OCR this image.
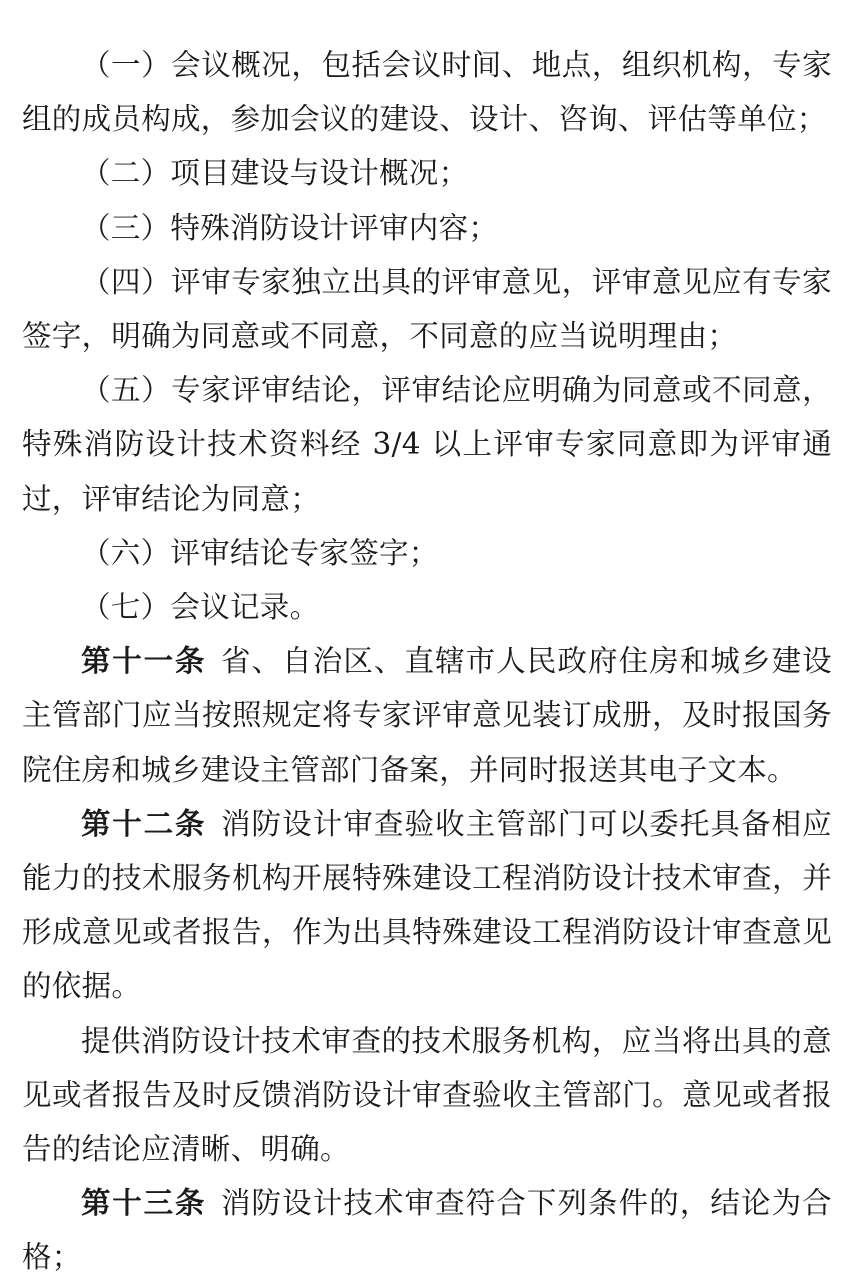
（一）会议概况，包括会议时间、地点，组织机构，专家组的成员构成，参加会议的建设、设计、咨询、评估等单位；

（二）项目建设与设计概况；

（三）特殊消防设计评审内容；

（四）评审专家独立出具的评审意见，评审意见应有专家签字，明确为同意或不同意，不同意的应当说明理由；

（五）专家评审结论，评审结论应明确为同意或不同意，特殊消防设计技术资料经 3/4 以上评审专家同意即为评审通过，评审结论为同意；

（六）评审结论专家签字；

（七）会议记录。

第十一条 省、自治区、直辖市人民政府住房和城乡建设主管部门应当按照规定将专家评审意见装订成册，及时报国务院住房和城乡建设主管部门备案，并同时报送其电子文本。

第十二条 消防设计审查验收主管部门可以委托具备相应能力的技术服务机构开展特殊建设工程消防设计技术审查，并形成意见或者报告，作为出具特殊建设工程消防设计审查意见的依据。

提供消防设计技术审查的技术服务机构，应当将出具的意见或者报告及时反馈消防设计审查验收主管部门。意见或者报告的结论应清晰、明确。

第十三条 消防设计技术审查符合下列条件的，结论为合格；
